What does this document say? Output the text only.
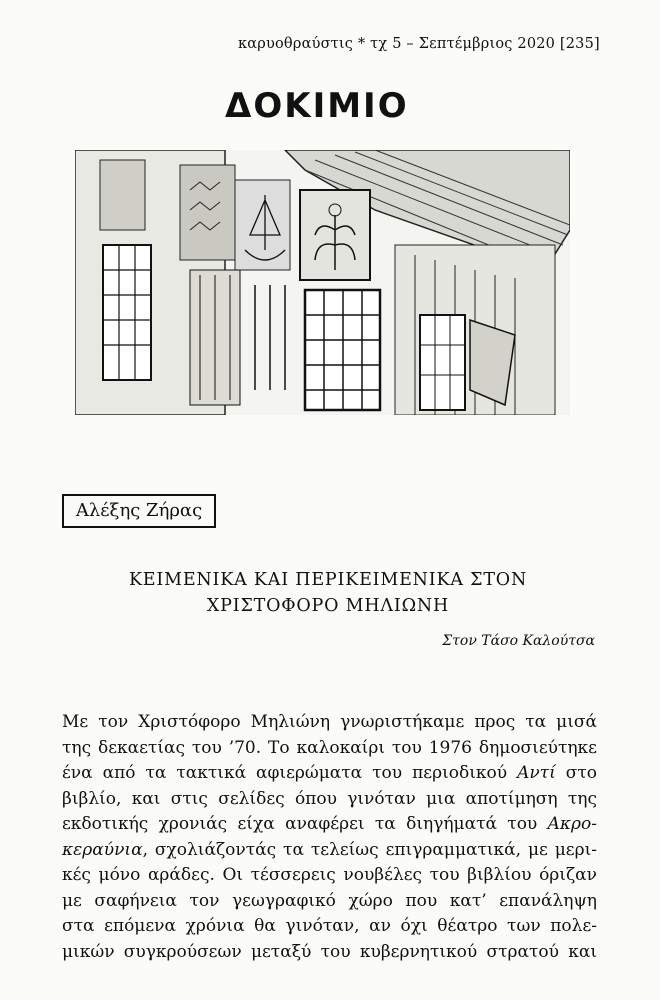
καρυοθραύστις * τχ 5 – Σεπτέμβριος 2020 [235]
ΔΟΚΙΜΙΟ
Αλέξης Ζήρας
ΚΕΙΜΕΝΙΚΑ ΚΑΙ ΠΕΡΙΚΕΙΜΕΝΙΚΑ ΣΤΟΝ
ΧΡΙΣΤΟΦΟΡΟ ΜΗΛΙΩΝΗ
Στον Τάσο Καλούτσα
Με τον Χριστόφορο Μηλιώνη γνωριστήκαμε προς τα μισά
της δεκαετίας του ’70. Το καλοκαίρι του 1976 δημοσιεύτηκε
ένα από τα τακτικά αφιερώματα του περιοδικού Αντί στο
βιβλίο, και στις σελίδες όπου γινόταν μια αποτίμηση της
εκδοτικής χρονιάς είχα αναφέρει τα διηγήματά του Ακρο-
κεραύνια, σχολιάζοντάς τα τελείως επιγραμματικά, με μερι-
κές μόνο αράδες. Οι τέσσερεις νουβέλες του βιβλίου όριζαν
με σαφήνεια τον γεωγραφικό χώρο που κατ’ επανάληψη
στα επόμενα χρόνια θα γινόταν, αν όχι θέατρο των πολε-
μικών συγκρούσεων μεταξύ του κυβερνητικού στρατού και
